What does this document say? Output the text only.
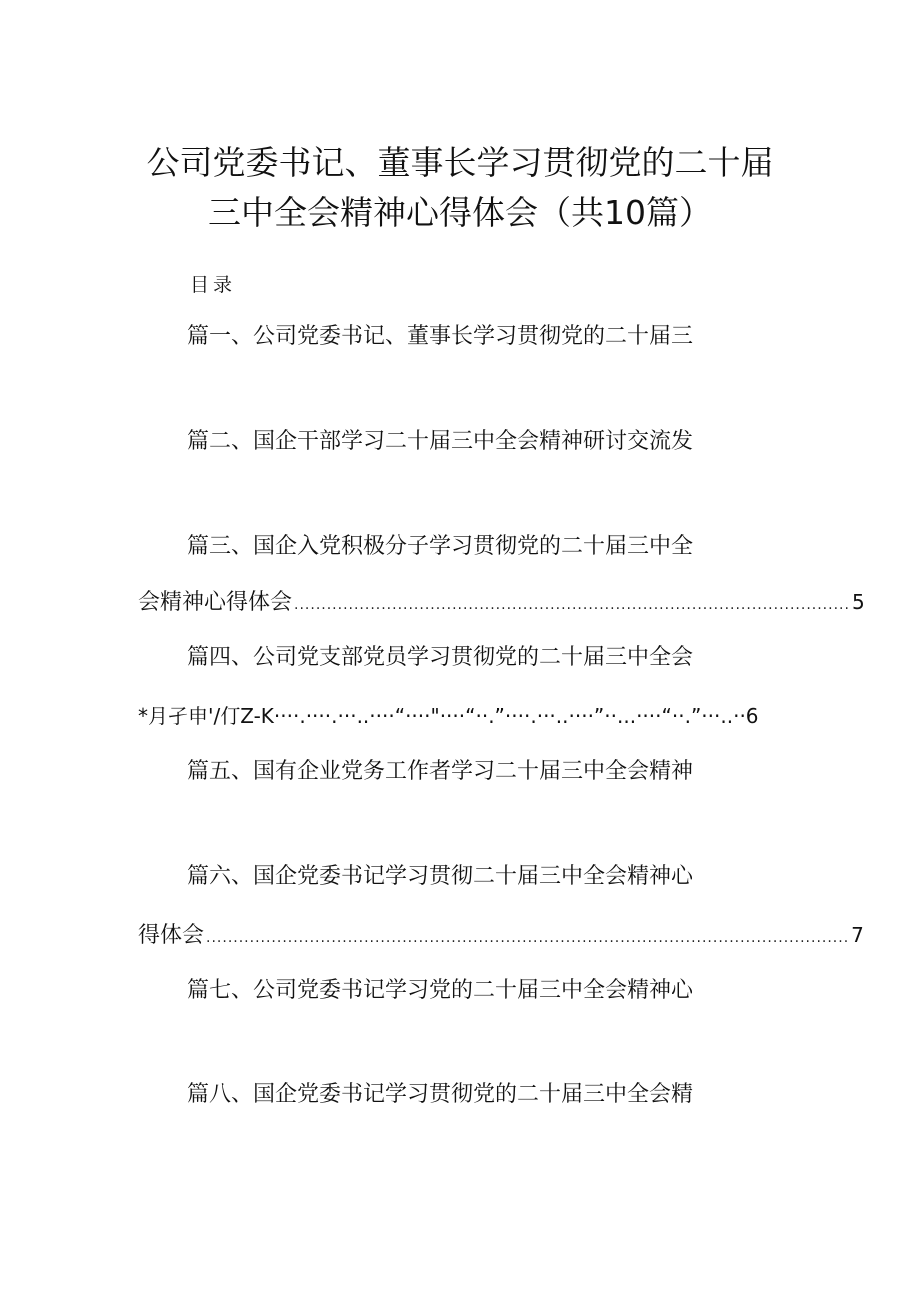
公司党委书记、董事长学习贯彻党的二十届
三中全会精神心得体会（共10篇）
目录
篇一、公司党委书记、董事长学习贯彻党的二十届三
篇二、国企干部学习二十届三中全会精神研讨交流发
篇三、国企入党积极分子学习贯彻党的二十届三中全
会精神心得体会 ...................................................................................................... 5
篇四、公司党支部党员学习贯彻党的二十届三中全会
*月孑申'/仃Z-K····.····.···..····“····"····“··.”····.···..····”··...····“··.”···..··6
篇五、国有企业党务工作者学习二十届三中全会精神
篇六、国企党委书记学习贯彻二十届三中全会精神心
得体会 ...................................................................................................................... 7
篇七、公司党委书记学习党的二十届三中全会精神心
篇八、国企党委书记学习贯彻党的二十届三中全会精
